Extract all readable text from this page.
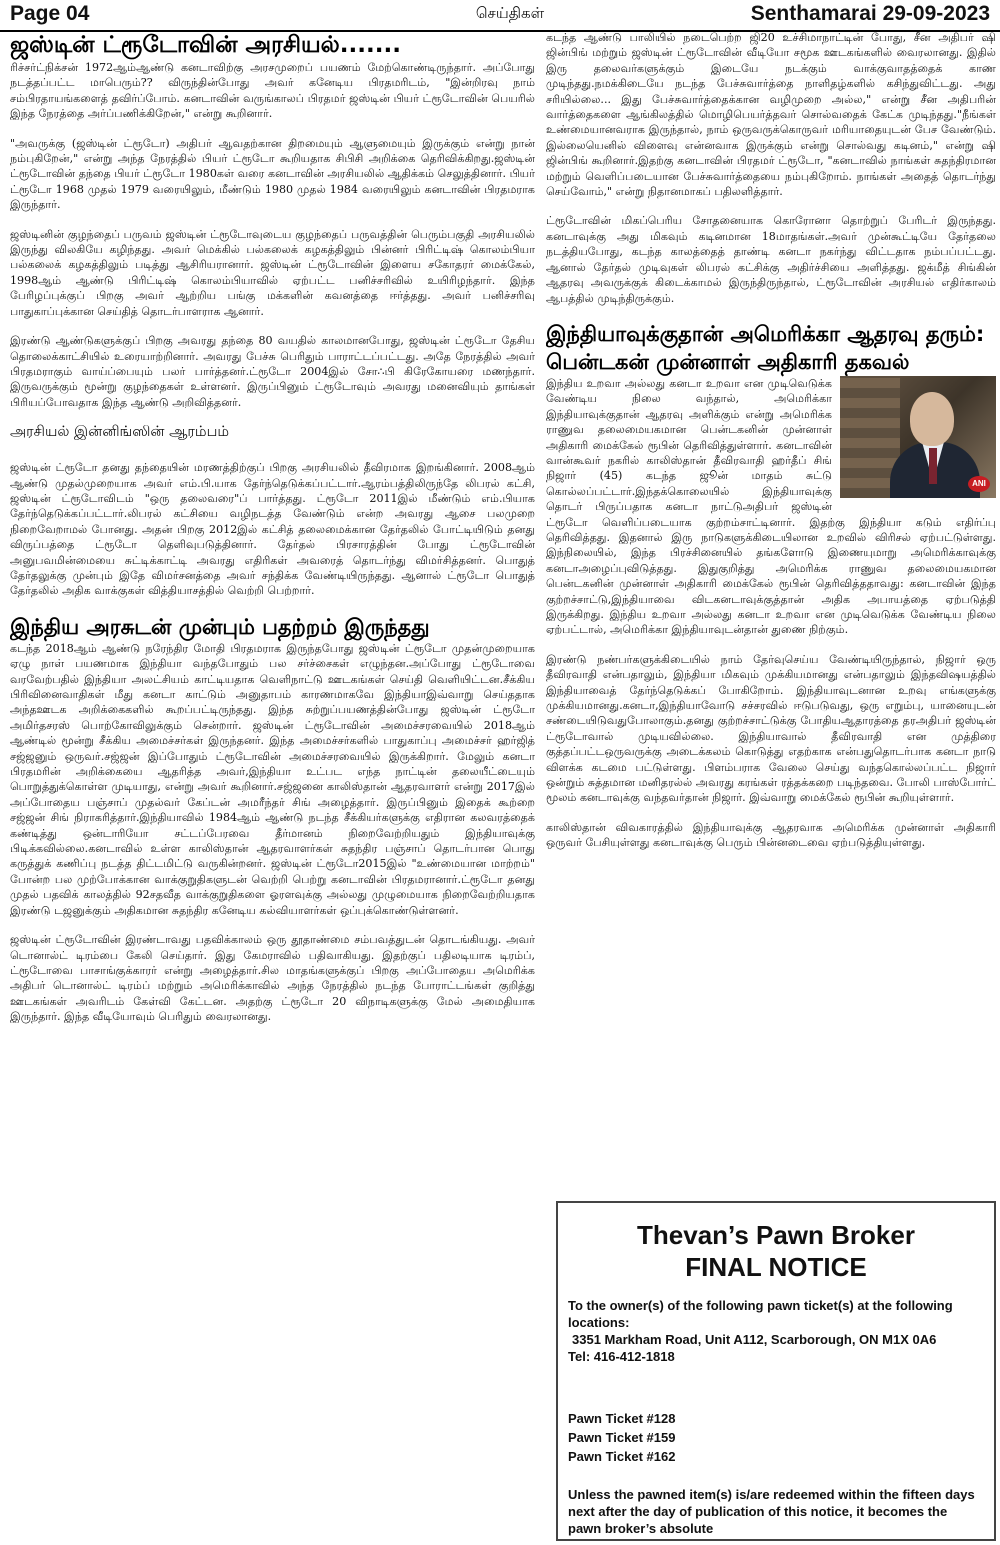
Page 04	செய்திகள்	Senthamarai 29-09-2023
ஜஸ்டின் ட்ரூடோவின் அரசியல்.......

ரிச்சர்ட்நிக்சன் 1972ஆம்ஆண்டு கனடாவிற்கு அரசமுறைப் பயணம் மேற்கொண்டிருந்தார். அப்போது நடத்தப்பட்ட மாபெரும்?? விருந்தின்போது அவர் கனேடிய பிரதமரிடம், "இன்றிரவு நாம் சம்பிரதாயங்களைத் தவிர்ப்போம். கனடாவின் வருங்காலப் பிரதமர் ஜஸ்டின் பியர் ட்ரூடோவின் பெயரில் இந்த நேரத்தை அர்ப்பணிக்கிறேன்," என்று கூறினார்.

"அவருக்கு (ஜஸ்டின் ட்ரூடோ) அதிபர் ஆவதற்கான திறமையும் ஆளுமையும் இருக்கும் என்று நான் நம்புகிறேன்," என்று அந்த நேரத்தில் பியர் ட்ரூடோ கூறியதாக சிபிசி அறிக்கை தெரிவிக்கிறது.ஜஸ்டின் ட்ரூடோவின் தந்தை பியர் ட்ரூடோ 1980கள் வரை கனடாவின் அரசியலில் ஆதிக்கம் செலுத்தினார். பியர் ட்ரூடோ 1968 முதல் 1979 வரையிலும், மீண்டும் 1980 முதல் 1984 வரையிலும் கனடாவின் பிரதமராக இருந்தார்.

ஜஸ்டினின் குழந்தைப் பருவம் ஜஸ்டின் ட்ரூடோவுடைய குழந்தைப் பருவத்தின் பெரும்பகுதி அரசியலில் இருந்து விலகியே கழிந்தது. அவர் மெக்கில் பல்கலைக் கழகத்திலும் பின்னர் பிரிட்டிஷ் கொலம்பியா பல்கலைக் கழகத்திலும் படித்து ஆசிரியரானார். ஜஸ்டின் ட்ரூடோவின் இளைய சகோதரர் மைக்கேல், 1998ஆம் ஆண்டு பிரிட்டிஷ் கொலம்பியாவில் ஏற்பட்ட பனிச்சரிவில் உயிரிழந்தார். இந்த பேரிழப்புக்குப் பிறகு அவர் ஆற்றிய பங்கு மக்களின் கவனத்தை ஈர்த்தது. அவர் பனிச்சரிவு பாதுகாப்புக்கான செய்தித் தொடர்பாளராக ஆனார்.

இரண்டு ஆண்டுகளுக்குப் பிறகு அவரது தந்தை 80 வயதில் காலமானபோது, ஜஸ்டின் ட்ரூடோ தேசிய தொலைக்காட்சியில் உரையாற்றினார். அவரது பேச்சு பெரிதும் பாராட்டப்பட்டது. அதே நேரத்தில் அவர் பிரதமராகும் வாய்ப்பையும் பலர் பார்த்தனர்.ட்ரூடோ 2004இல் சோ∴பி கிரேகோயரை மணந்தார். இருவருக்கும் மூன்று குழந்தைகள் உள்ளனர். இருப்பினும் ட்ரூடோவும் அவரது மனைவியும் தாங்கள் பிரியப்போவதாக இந்த ஆண்டு அறிவித்தனர்.

அரசியல் இன்னிங்ஸின் ஆரம்பம்

ஜஸ்டின் ட்ரூடோ தனது தந்தையின் மரணத்திற்குப் பிறகு அரசியலில் தீவிரமாக இறங்கினார். 2008ஆம் ஆண்டு முதல்முறையாக அவர் எம்.பி.யாக தேர்ந்தெடுக்கப்பட்டார்.ஆரம்பத்திலிருந்தே லிபரல் கட்சி, ஜஸ்டின் ட்ரூடோவிடம் "ஒரு தலைவரை"ப் பார்த்தது. ட்ரூடோ 2011இல் மீண்டும் எம்.பியாக தேர்ந்தெடுக்கப்பட்டார்.லிபரல் கட்சியை வழிநடத்த வேண்டும் என்ற அவரது ஆசை பலமுறை நிறைவேறாமல் போனது. அதன் பிறகு 2012இல் கட்சித் தலைமைக்கான தேர்தலில் போட்டியிடும் தனது விருப்பத்தை ட்ரூடோ தெளிவுபடுத்தினார். தேர்தல் பிரசாரத்தின் போது ட்ரூடோவின் அனுபவமின்மையை சுட்டிக்காட்டி அவரது எதிரிகள் அவரைத் தொடர்ந்து விமர்சித்தனர். பொதுத் தேர்தலுக்கு முன்பும் இதே விமர்சனத்தை அவர் சந்திக்க வேண்டியிருந்தது. ஆனால் ட்ரூடோ பொதுத் தேர்தலில் அதிக வாக்குகள் வித்தியாசத்தில் வெற்றி பெற்றார்.

இந்திய அரசுடன் முன்பும் பதற்றம் இருந்தது

கடந்த 2018ஆம் ஆண்டு நரேந்திர மோதி பிரதமராக இருந்தபோது ஜஸ்டின் ட்ரூடோ முதன்முறையாக ஏழு நாள் பயணமாக இந்தியா வந்தபோதும் பல சர்ச்சைகள் எழுந்தன.அப்போது ட்ரூடோவை வரவேற்பதில் இந்தியா அலட்சியம் காட்டியதாக வெளிநாட்டு ஊடகங்கள் செய்தி வெளியிட்டன.சீக்கிய பிரிவினைவாதிகள் மீது கனடா காட்டும் அனுதாபம் காரணமாகவே இந்தியாஇவ்வாறு செய்ததாக அந்தஊடக அறிக்கைகளில் கூறப்பட்டிருந்தது. இந்த சுற்றுப்பயணத்தின்போது ஜஸ்டின் ட்ரூடோ அமிர்தசரஸ் பொற்கோவிலுக்கும் சென்றார். ஜஸ்டின் ட்ரூடோவின் அமைச்சரவையில் 2018ஆம் ஆண்டில் மூன்று சீக்கிய அமைச்சர்கள் இருந்தனர். இந்த அமைச்சர்களில் பாதுகாப்பு அமைச்சர் ஹர்ஜித் சஜ்ஜனும் ஒருவர்.சஜ்ஜன் இப்போதும் ட்ரூடோவின் அமைச்சரவையில் இருக்கிறார். மேலும் கனடா பிரதமரின் அறிக்கையை ஆதரித்த அவர்,இந்தியா உட்பட எந்த நாட்டின் தலையீட்டையும் பொறுத்துக்கொள்ள முடியாது, என்று அவர் கூறினார்.சஜ்ஜனை காலிஸ்தான் ஆதரவாளர் என்று 2017இல் அப்போதைய பஞ்சாப் முதல்வர் கேப்டன் அமரீந்தர் சிங் அழைத்தார். இருப்பினும் இதைக் கூற்றை சஜ்ஜன் சிங் நிராகரித்தார்.இந்தியாவில் 1984ஆம் ஆண்டு நடந்த சீக்கியர்களுக்கு எதிரான கலவரத்தைக் கண்டித்து ஒன்டாரியோ சட்டப்பேரவை தீர்மானம் நிறைவேற்றியதும் இந்தியாவுக்கு பிடிக்கவில்லை.கனடாவில் உள்ள காலிஸ்தான் ஆதரவாளர்கள் சுதந்திர பஞ்சாப் தொடர்பான பொது கருத்துக் கணிப்பு நடத்த திட்டமிட்டு வருகின்றனர். ஜஸ்டின் ட்ரூடோ2015இல் "உண்மையான மாற்றம்" போன்ற பல முற்போக்கான வாக்குறுதிகளுடன் வெற்றி பெற்று கனடாவின் பிரதமரானார்.ட்ரூடோ தனது முதல் பதவிக் காலத்தில் 92சதவீத வாக்குறுதிகளை ஓரளவுக்கு அல்லது முழுமையாக நிறைவேற்றியதாக இரண்டு டஜனுக்கும் அதிகமான சுதந்திர கனேடிய கல்வியாளர்கள் ஒப்புக்கொண்டுள்ளனர்.

ஜஸ்டின் ட்ரூடோவின் இரண்டாவது பதவிக்காலம் ஒரு தூதாண்மை சம்பவத்துடன் தொடங்கியது. அவர் டொனால்ட் டிரம்பை கேலி செய்தார். இது கேமராவில் பதிவாகியது. இதற்குப் பதிலடியாக டிரம்ப், ட்ரூடோவை பாசாங்குக்காரர் என்று அழைத்தார்.சில மாதங்களுக்குப் பிறகு அப்போதைய அமெரிக்க அதிபர் டொனால்ட் டிரம்ப் மற்றும் அமெரிக்காவில் அந்த நேரத்தில் நடந்த போராட்டங்கள் குறித்து ஊடகங்கள் அவரிடம் கேள்வி கேட்டன. அதற்கு ட்ரூடோ 20 விநாடிகளுக்கு மேல் அமைதியாக இருந்தார். இந்த வீடியோவும் பெரிதும் வைரலானது.

கடந்த ஆண்டு பாலியில் நடைபெற்ற ஜி20 உச்சிமாநாட்டின் போது, சீன அதிபர் ஷி ஜின்பிங் மற்றும் ஜஸ்டின் ட்ரூடோவின் வீடியோ சமூக ஊடகங்களில் வைரலானது. இதில் இரு தலைவர்களுக்கும் இடையே நடக்கும் வாக்குவாதத்தைக் காண முடிந்தது.நமக்கிடையே நடந்த பேச்சுவார்த்தை நாளிதழ்களில் கசிந்துவிட்டது. அது சரியில்லை... இது பேச்சுவார்த்தைக்கான வழிமுறை அல்ல," என்று சீன அதிபரின் வார்த்தைகளை ஆங்கிலத்தில் மொழிபெயர்த்தவர் சொல்வதைக் கேட்க முடிந்தது."நீங்கள் உண்மையானவராக இருந்தால், நாம் ஒருவருக்கொருவர் மரியாதையுடன் பேச வேண்டும். இல்லையெனில் விளைவு என்னவாக இருக்கும் என்று சொல்வது கடினம்," என்று ஷி ஜின்பிங் கூறினார்.இதற்கு கனடாவின் பிரதமர் ட்ரூடோ, "கனடாவில் நாங்கள் சுதந்திரமான மற்றும் வெளிப்படையான பேச்சுவார்த்தையை நம்புகிறோம். நாங்கள் அதைத் தொடர்ந்து செய்வோம்," என்று நிதானமாகப் பதிலளித்தார்.

ட்ரூடோவின் மிகப்பெரிய சோதனையாக கொரோனா தொற்றுப் பேரிடர் இருந்தது. கனடாவுக்கு அது மிகவும் கடினமான 18மாதங்கள்.அவர் முன்கூட்டியே தேர்தலை நடத்தியபோது, கடந்த காலத்தைத் தாண்டி கனடா நகர்ந்து விட்டதாக நம்பப்பட்டது. ஆனால் தேர்தல் முடிவுகள் லிபரல் கட்சிக்கு அதிர்ச்சியை அளித்தது. ஜக்மீத் சிங்கின் ஆதரவு அவருக்குக் கிடைக்காமல் இருந்திருந்தால், ட்ரூடோவின் அரசியல் எதிர்காலம் ஆபத்தில் முடிந்திருக்கும்.

இந்தியாவுக்குதான் அமெரிக்கா ஆதரவு தரும்: பென்டகன் முன்னாள் அதிகாரி தகவல்
ANI

இந்திய உறவா அல்லது கனடா உறவா என முடிவெடுக்க வேண்டிய நிலை வந்தால், அமெரிக்கா இந்தியாவுக்குதான் ஆதரவு அளிக்கும் என்று அமெரிக்க ராணுவ தலைமையகமான பென்டகனின் முன்னாள் அதிகாரி மைக்கேல் ரூபின் தெரிவித்துள்ளார். கனடாவின் வான்கூவர் நகரில் காலிஸ்தான் தீவிரவாதி ஹர்தீப் சிங் நிஜார் (45) கடந்த ஜூன் மாதம் சுட்டு கொல்லப்பட்டார்.இந்தக்கொலையில் இந்தியாவுக்கு தொடர் பிருப்பதாக கனடா நாட்டுஅதிபர் ஜஸ்டின் ட்ரூடோ வெளிப்படையாக குற்றம்சாட்டினார். இதற்கு இந்தியா கடும் எதிர்ப்பு தெரிவித்தது. இதனால் இரு நாடுகளுக்கிடையிலான உறவில் விரிசல் ஏற்பட்டுள்ளது. இந்நிலையில், இந்த பிரச்சினையில் தங்களோடு இணையுமாறு அமெரிக்காவுக்கு கனடாஅழைப்புவிடுத்தது. இதுகுறித்து அமெரிக்க ராணுவ தலைமையகமான பென்டகனின் முன்னாள் அதிகாரி மைக்கேல் ரூபின் தெரிவித்ததாவது: கனடாவின் இந்த குற்றச்சாட்டு,இந்தியாவை விடகனடாவுக்குத்தான் அதிக அபாயத்தை ஏற்படுத்தி இருக்கிறது. இந்திய உறவா அல்லது கனடா உறவா என முடிவெடுக்க வேண்டிய நிலை ஏற்பட்டால், அமெரிக்கா இந்தியாவுடன்தான் துணை நிற்கும்.

இரண்டு நண்பர்களுக்கிடையில் நாம் தேர்வுசெய்ய வேண்டியிருந்தால், நிஜார் ஒரு தீவிரவாதி என்பதாலும், இந்தியா மிகவும் முக்கியமானது என்பதாலும் இந்தவிஷயத்தில் இந்தியாவைத் தேர்ந்தெடுக்கப் போகிறோம். இந்தியாவுடனான உறவு எங்களுக்கு முக்கியமானது.கனடா,இந்தியாவோடு சச்சரவில் ஈடுபடுவது, ஒரு எறும்பு, யானையுடன் சண்டையிடுவதுபோலாகும்.தனது குற்றச்சாட்டுக்கு போதியஆதாரத்தை தரஅதிபர் ஜஸ்டின் ட்ரூடோவால் முடியவில்லை. இந்தியாவால் தீவிரவாதி என முத்திரை குத்தப்பட்டஒருவருக்கு அடைக்கலம் கொடுத்து எதற்காக என்பதுதொடர்பாக கனடா நாடு விளக்க கடமை பட்டுள்ளது. பிளம்பராக வேலை செய்து வந்தகொல்லப்பட்ட நிஜார் ஒன்றும் சுத்தமான மனிதரல்ல் அவரது கரங்கள் ரத்தக்கறை படிந்தவை. போலி பாஸ்போர்ட் மூலம் கனடாவுக்கு வந்தவர்தான் நிஜார். இவ்வாறு மைக்கேல் ரூபின் கூறியுள்ளார்.

காலிஸ்தான் விவகாரத்தில் இந்தியாவுக்கு ஆதரவாக அமெரிக்க முன்னாள் அதிகாரி ஒருவர் பேசியுள்ளது கனடாவுக்கு பெரும் பின்னடைவை ஏற்படுத்தியுள்ளது.

Thevan’s Pawn Broker
FINAL NOTICE
To the owner(s) of the following pawn ticket(s) at the following locations:
3351 Markham Road, Unit A112, Scarborough, ON M1X 0A6
Tel: 416-412-1818
Pawn Ticket #128
Pawn Ticket #159
Pawn Ticket #162
Unless the pawned item(s) is/are redeemed within the fifteen days next after the day of publication of this notice, it becomes the pawn broker’s absolute
